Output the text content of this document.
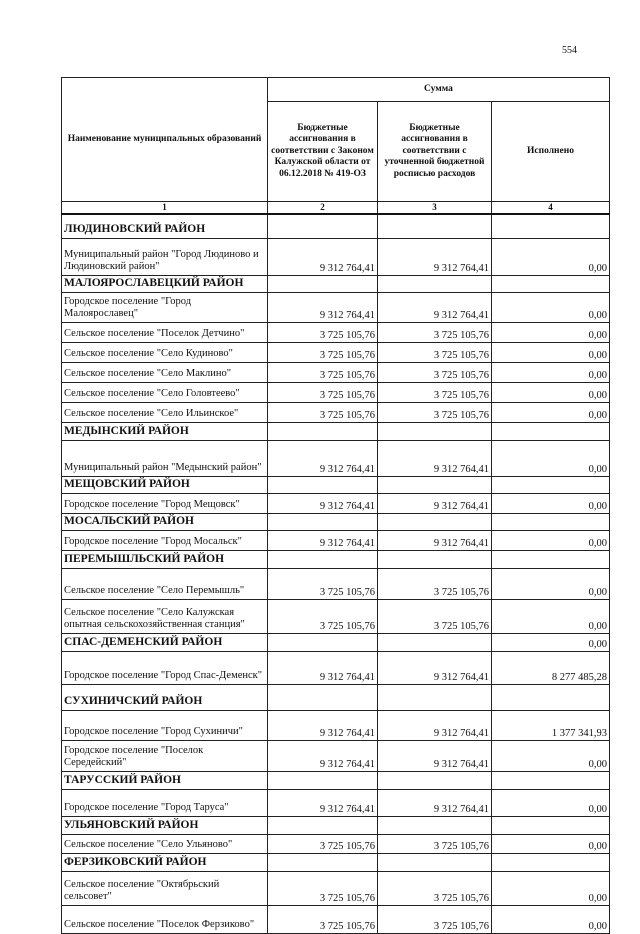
554
Наименование муниципальных образований	Сумма		
	Бюджетные ассигнования в соответствии с Законом Калужской области от 06.12.2018 № 419-ОЗ	Бюджетные ассигнования в соответствии с уточненной бюджетной росписью расходов	Исполнено
1	2	3	4
ЛЮДИНОВСКИЙ РАЙОН			
Муниципальный район "Город Людиново и Людиновский район"	9 312 764,41	9 312 764,41	0,00
МАЛОЯРОСЛАВЕЦКИЙ РАЙОН			
Городское поселение "Город Малоярославец"	9 312 764,41	9 312 764,41	0,00
Сельское поселение "Поселок Детчино"	3 725 105,76	3 725 105,76	0,00
Сельское поселение "Село Кудиново"	3 725 105,76	3 725 105,76	0,00
Сельское поселение "Село Маклино"	3 725 105,76	3 725 105,76	0,00
Сельское поселение "Село Головтеево"	3 725 105,76	3 725 105,76	0,00
Сельское поселение "Село Ильинское"	3 725 105,76	3 725 105,76	0,00
МЕДЫНСКИЙ РАЙОН			
Муниципальный район "Медынский район"	9 312 764,41	9 312 764,41	0,00
МЕЩОВСКИЙ РАЙОН			
Городское поселение "Город Мещовск"	9 312 764,41	9 312 764,41	0,00
МОСАЛЬСКИЙ РАЙОН			
Городское поселение "Город Мосальск"	9 312 764,41	9 312 764,41	0,00
ПЕРЕМЫШЛЬСКИЙ РАЙОН			
Сельское поселение "Село Перемышль"	3 725 105,76	3 725 105,76	0,00
Сельское поселение "Село Калужская опытная сельскохозяйственная станция"	3 725 105,76	3 725 105,76	0,00
СПАС-ДЕМЕНСКИЙ РАЙОН			0,00
Городское поселение "Город Спас-Деменск"	9 312 764,41	9 312 764,41	8 277 485,28
СУХИНИЧСКИЙ РАЙОН			
Городское поселение "Город Сухиничи"	9 312 764,41	9 312 764,41	1 377 341,93
Городское поселение "Поселок Середейский"	9 312 764,41	9 312 764,41	0,00
ТАРУССКИЙ РАЙОН			
Городское поселение "Город Таруса"	9 312 764,41	9 312 764,41	0,00
УЛЬЯНОВСКИЙ РАЙОН			
Сельское поселение "Село Ульяново"	3 725 105,76	3 725 105,76	0,00
ФЕРЗИКОВСКИЙ РАЙОН			
Сельское поселение "Октябрьский сельсовет"	3 725 105,76	3 725 105,76	0,00
Сельское поселение "Поселок Ферзиково"	3 725 105,76	3 725 105,76	0,00
